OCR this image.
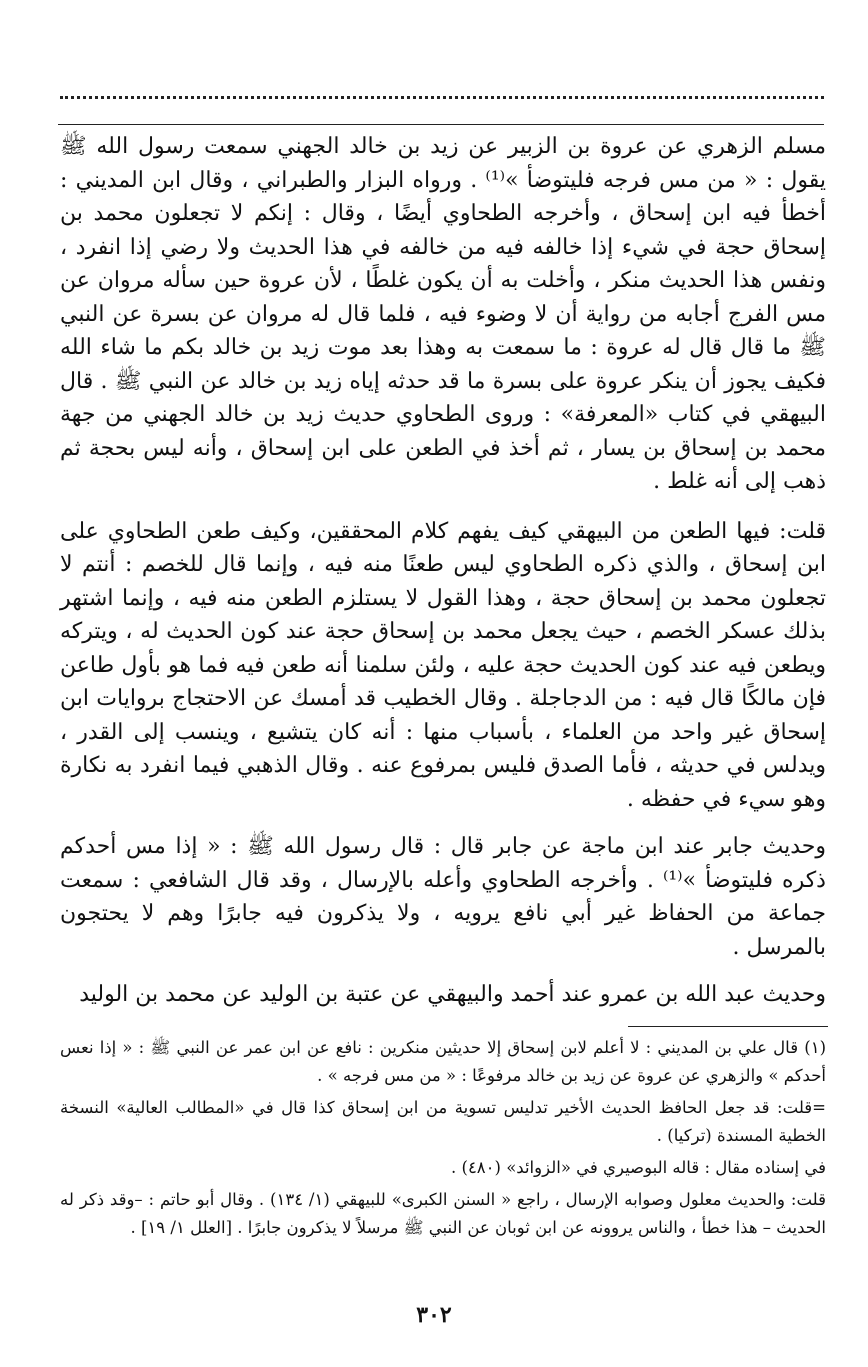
مسلم الزهري عن عروة بن الزبير عن زيد بن خالد الجهني سمعت رسول الله ﷺ يقول : « من مس فرجه فليتوضأ »⁽¹⁾ . ورواه البزار والطبراني ، وقال ابن المديني : أخطأ فيه ابن إسحاق ، وأخرجه الطحاوي أيضًا ، وقال : إنكم لا تجعلون محمد بن إسحاق حجة في شيء إذا خالفه فيه من خالفه في هذا الحديث ولا رضي إذا انفرد ، ونفس هذا الحديث منكر ، وأخلت به أن يكون غلطًا ، لأن عروة حين سأله مروان عن مس الفرج أجابه من رواية أن لا وضوء فيه ، فلما قال له مروان عن بسرة عن النبي ﷺ ما قال قال له عروة : ما سمعت به وهذا بعد موت زيد بن خالد بكم ما شاء الله فكيف يجوز أن ينكر عروة على بسرة ما قد حدثه إياه زيد بن خالد عن النبي ﷺ . قال البيهقي في كتاب «المعرفة» : وروى الطحاوي حديث زيد بن خالد الجهني من جهة محمد بن إسحاق بن يسار ، ثم أخذ في الطعن على ابن إسحاق ، وأنه ليس بحجة ثم ذهب إلى أنه غلط .

قلت: فيها الطعن من البيهقي كيف يفهم كلام المحققين، وكيف طعن الطحاوي على ابن إسحاق ، والذي ذكره الطحاوي ليس طعنًا منه فيه ، وإنما قال للخصم : أنتم لا تجعلون محمد بن إسحاق حجة ، وهذا القول لا يستلزم الطعن منه فيه ، وإنما اشتهر بذلك عسكر الخصم ، حيث يجعل محمد بن إسحاق حجة عند كون الحديث له ، ويتركه ويطعن فيه عند كون الحديث حجة عليه ، ولئن سلمنا أنه طعن فيه فما هو بأول طاعن فإن مالكًا قال فيه : من الدجاجلة . وقال الخطيب قد أمسك عن الاحتجاج بروايات ابن إسحاق غير واحد من العلماء ، بأسباب منها : أنه كان يتشيع ، وينسب إلى القدر ، ويدلس في حديثه ، فأما الصدق فليس بمرفوع عنه . وقال الذهبي فيما انفرد به نكارة وهو سيء في حفظه .

وحديث جابر عند ابن ماجة عن جابر قال : قال رسول الله ﷺ : « إذا مس أحدكم ذكره فليتوضأ »⁽¹⁾ . وأخرجه الطحاوي وأعله بالإرسال ، وقد قال الشافعي : سمعت جماعة من الحفاظ غير أبي نافع يرويه ، ولا يذكرون فيه جابرًا وهم لا يحتجون بالمرسل .

وحديث عبد الله بن عمرو عند أحمد والبيهقي عن عتبة بن الوليد عن محمد بن الوليد

(١) قال علي بن المديني : لا أعلم لابن إسحاق إلا حديثين منكرين : نافع عن ابن عمر عن النبي ﷺ : « إذا نعس أحدكم » والزهري عن عروة عن زيد بن خالد مرفوعًا : « من مس فرجه » .

=قلت: قد جعل الحافظ الحديث الأخير تدليس تسوية من ابن إسحاق كذا قال في «المطالب العالية» النسخة الخطية المسندة (تركيا) .

في إسناده مقال : قاله البوصيري في «الزوائد» (٤٨٠) .

قلت: والحديث معلول وصوابه الإرسال ، راجع « السنن الكبرى» للبيهقي (١/ ١٣٤) . وقال أبو حاتم : –وقد ذكر له الحديث – هذا خطأ ، والناس يروونه عن ابن ثوبان عن النبي ﷺ مرسلاً لا يذكرون جابرًا . [العلل ١/ ١٩] .

٣٠٢
